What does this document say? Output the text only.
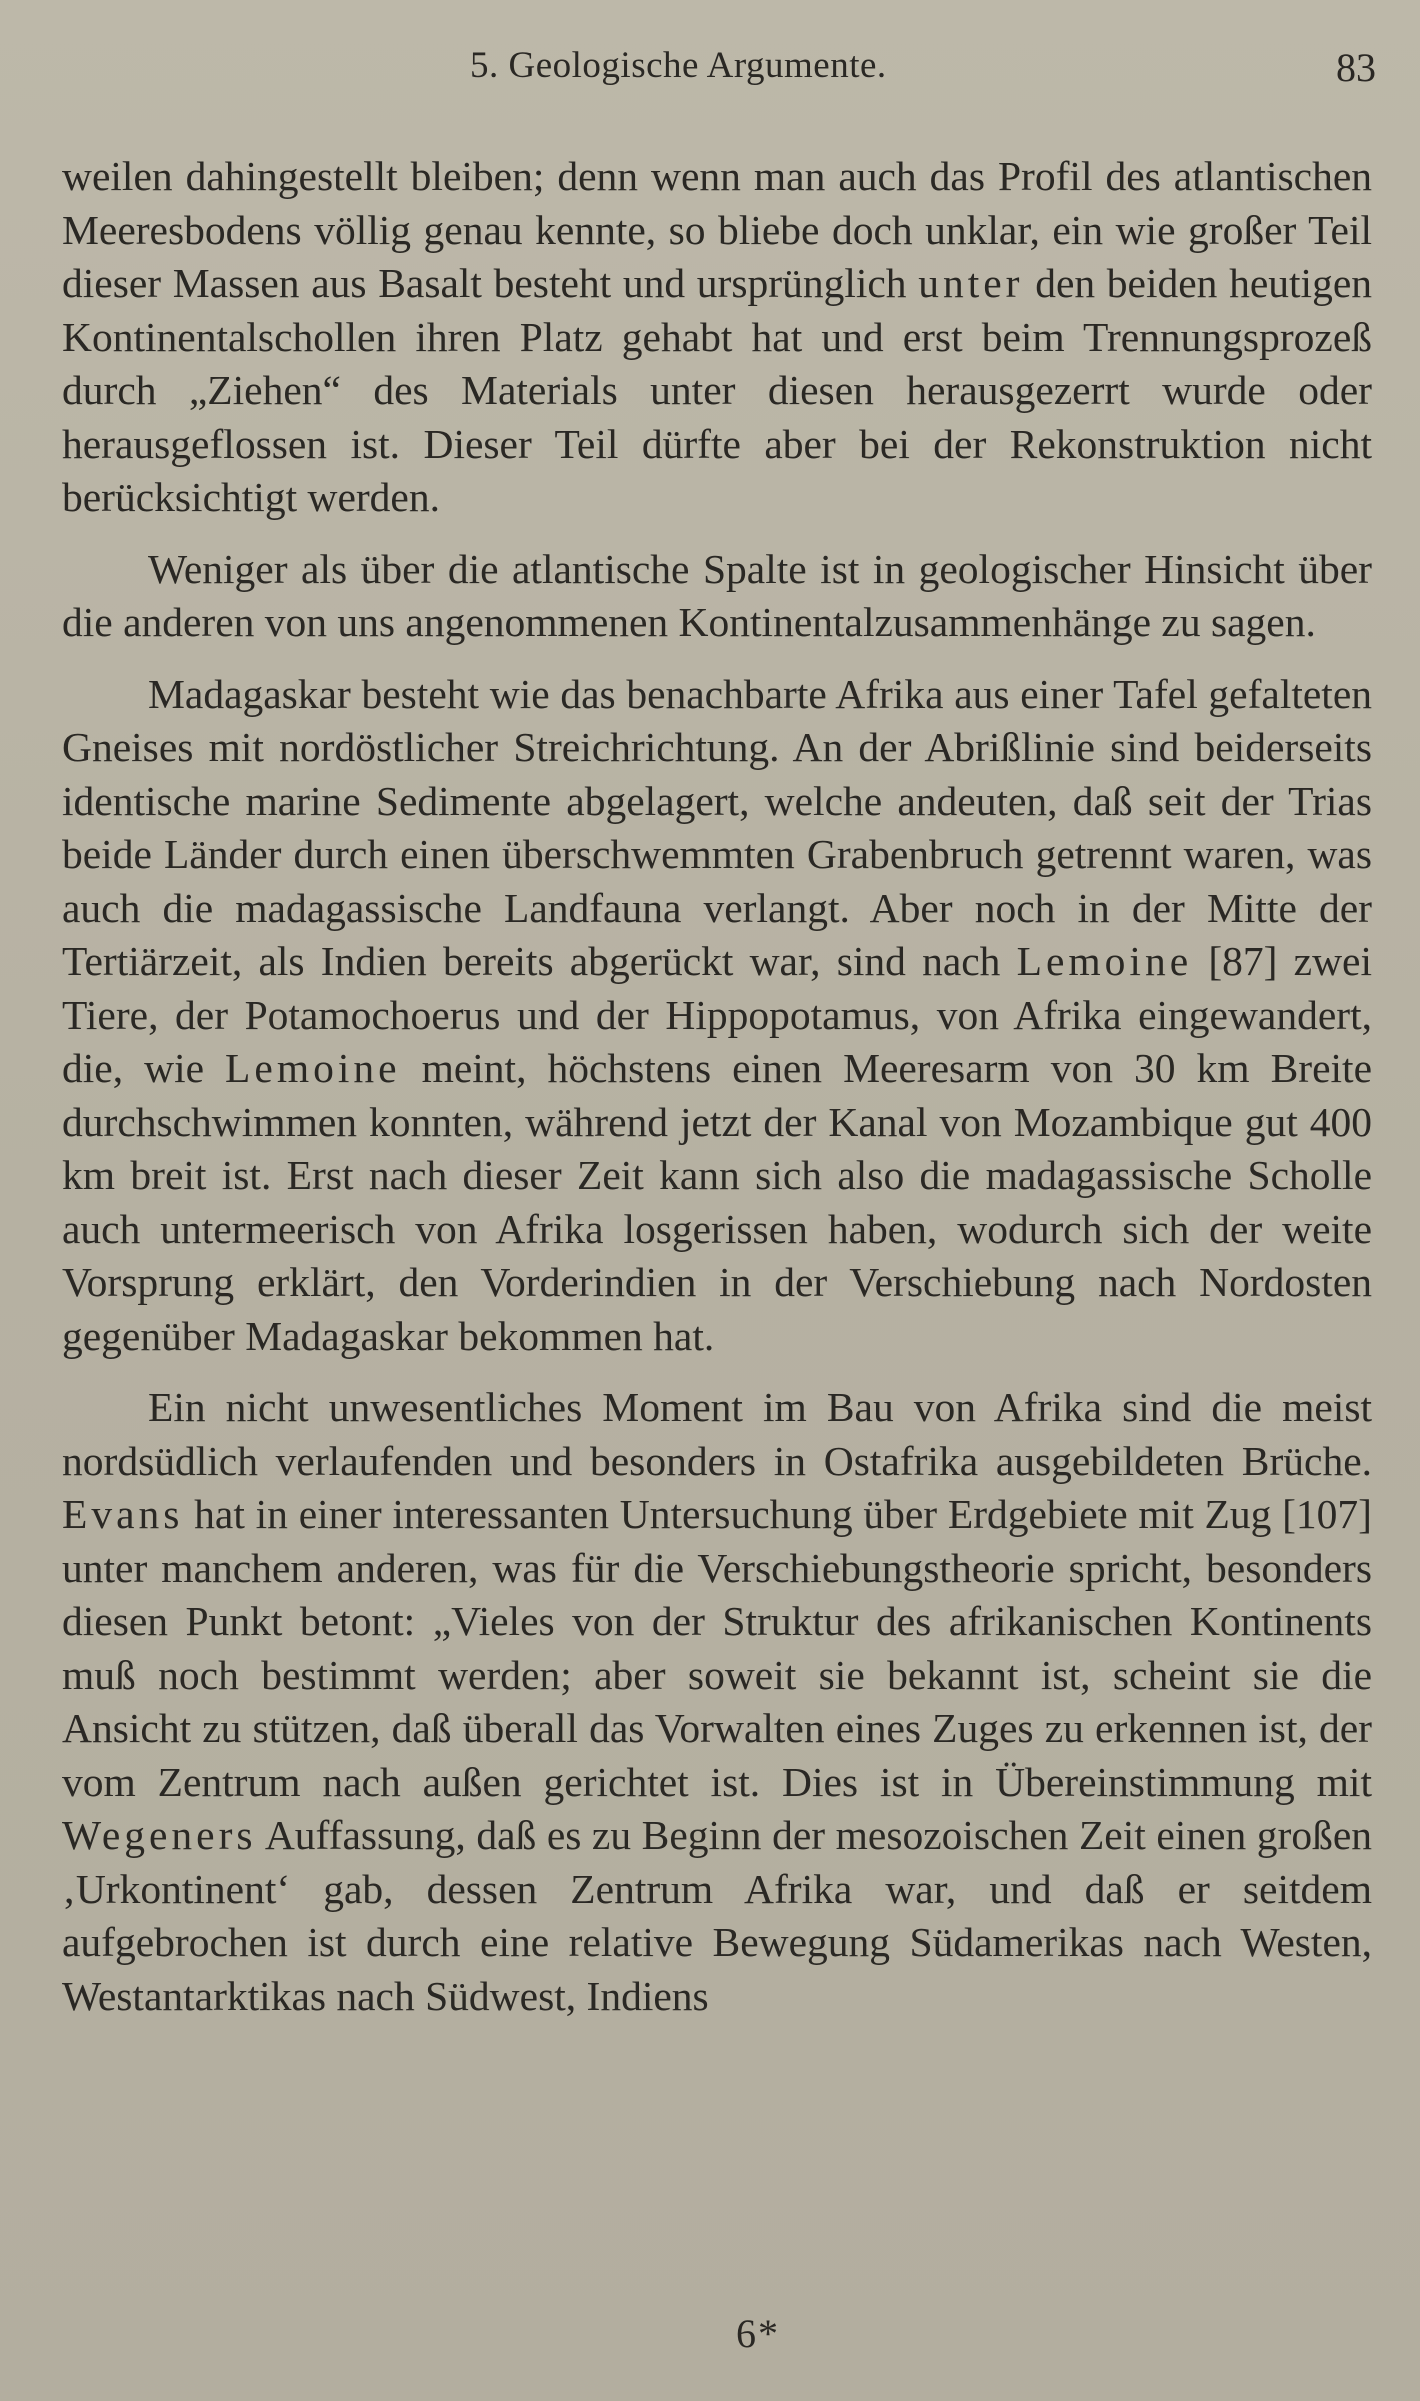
5. Geologische Argumente.	83

weilen dahingestellt bleiben; denn wenn man auch das Profil des atlantischen Meeresbodens völlig genau kennte, so bliebe doch unklar, ein wie großer Teil dieser Massen aus Basalt besteht und ursprünglich unter den beiden heutigen Kontinentalschollen ihren Platz gehabt hat und erst beim Trennungsprozeß durch „Ziehen“ des Materials unter diesen herausgezerrt wurde oder herausgeflossen ist. Dieser Teil dürfte aber bei der Rekonstruktion nicht berücksichtigt werden.

Weniger als über die atlantische Spalte ist in geologischer Hinsicht über die anderen von uns angenommenen Kontinentalzusammenhänge zu sagen.

Madagaskar besteht wie das benachbarte Afrika aus einer Tafel gefalteten Gneises mit nordöstlicher Streichrichtung. An der Abrißlinie sind beiderseits identische marine Sedimente abgelagert, welche andeuten, daß seit der Trias beide Länder durch einen überschwemmten Grabenbruch getrennt waren, was auch die madagassische Landfauna verlangt. Aber noch in der Mitte der Tertiärzeit, als Indien bereits abgerückt war, sind nach Lemoine [87] zwei Tiere, der Potamochoerus und der Hippopotamus, von Afrika eingewandert, die, wie Lemoine meint, höchstens einen Meeresarm von 30 km Breite durchschwimmen konnten, während jetzt der Kanal von Mozambique gut 400 km breit ist. Erst nach dieser Zeit kann sich also die madagassische Scholle auch untermeerisch von Afrika losgerissen haben, wodurch sich der weite Vorsprung erklärt, den Vorderindien in der Verschiebung nach Nordosten gegenüber Madagaskar bekommen hat.

Ein nicht unwesentliches Moment im Bau von Afrika sind die meist nordsüdlich verlaufenden und besonders in Ostafrika ausgebildeten Brüche. Evans hat in einer interessanten Untersuchung über Erdgebiete mit Zug [107] unter manchem anderen, was für die Verschiebungstheorie spricht, besonders diesen Punkt betont: „Vieles von der Struktur des afrikanischen Kontinents muß noch bestimmt werden; aber soweit sie bekannt ist, scheint sie die Ansicht zu stützen, daß überall das Vorwalten eines Zuges zu erkennen ist, der vom Zentrum nach außen gerichtet ist. Dies ist in Übereinstimmung mit Wegeners Auffassung, daß es zu Beginn der mesozoischen Zeit einen großen ‚Urkontinent‘ gab, dessen Zentrum Afrika war, und daß er seitdem aufgebrochen ist durch eine relative Bewegung Südamerikas nach Westen, Westantarktikas nach Südwest, Indiens

6*
